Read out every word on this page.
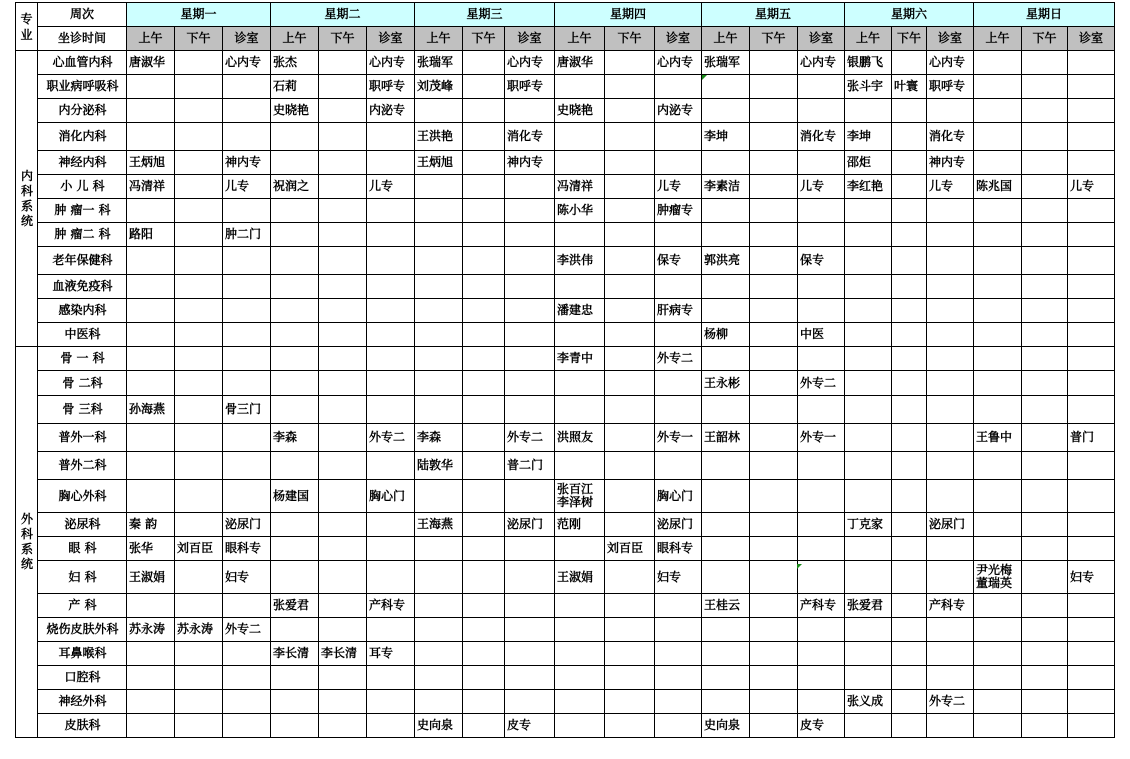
专
业	周次	星期一			星期二			星期三			星期四			星期五			星期六			星期日		
	坐诊时间	上午	下午	诊室	上午	下午	诊室	上午	下午	诊室	上午	下午	诊室	上午	下午	诊室	上午	下午	诊室	上午	下午	诊室
内
科
系
统	心血管内科	唐淑华		心内专	张杰		心内专	张瑞军		心内专	唐淑华		心内专	张瑞军		心内专	银鹏飞		心内专			
	职业病呼吸科				石莉		职呼专	刘茂峰		职呼专							张斗宇	叶寰	职呼专			
	内分泌科				史晓艳		内泌专				史晓艳		内泌专									
	消化内科							王洪艳		消化专				李坤		消化专	李坤		消化专			
	神经内科	王炳旭		神内专				王炳旭		神内专							邵炬		神内专			
	小 儿 科	冯清祥		儿专	祝润之		儿专				冯清祥		儿专	李素洁		儿专	李红艳		儿专	陈兆国		儿专
	肿 瘤一 科										陈小华		肿瘤专									
	肿 瘤二 科	路阳		肿二门																		
	老年保健科										李洪伟		保专	郭洪亮		保专						
	血液免疫科																					
	感染内科										潘建忠		肝病专									
	中医科													杨柳		中医						
外
科
系
统	骨 一 科										李青中		外专二									
	骨 二科													王永彬		外专二						
	骨 三科	孙海燕		骨三门																		
	普外一科				李森		外专二	李森		外专二	洪照友		外专一	王韶林		外专一				王鲁中		普门
	普外二科							陆敦华		普二门												
	胸心外科				杨建国		胸心门				张百江 李泽树		胸心门									
	泌尿科	秦 韵		泌尿门				王海燕		泌尿门	范刚		泌尿门				丁克家		泌尿门			
	眼 科	张华	刘百臣	眼科专								刘百臣	眼科专									
	妇 科	王淑娟		妇专							王淑娟		妇专							尹光梅 董瑞英		妇专
	产 科				张爱君		产科专							王桂云		产科专	张爱君		产科专			
	烧伤皮肤外科	苏永涛	苏永涛	外专二																		
	耳鼻喉科				李长清	李长清	耳专															
	口腔科																					
	神经外科																张义成		外专二			
	皮肤科							史向泉		皮专				史向泉		皮专						
